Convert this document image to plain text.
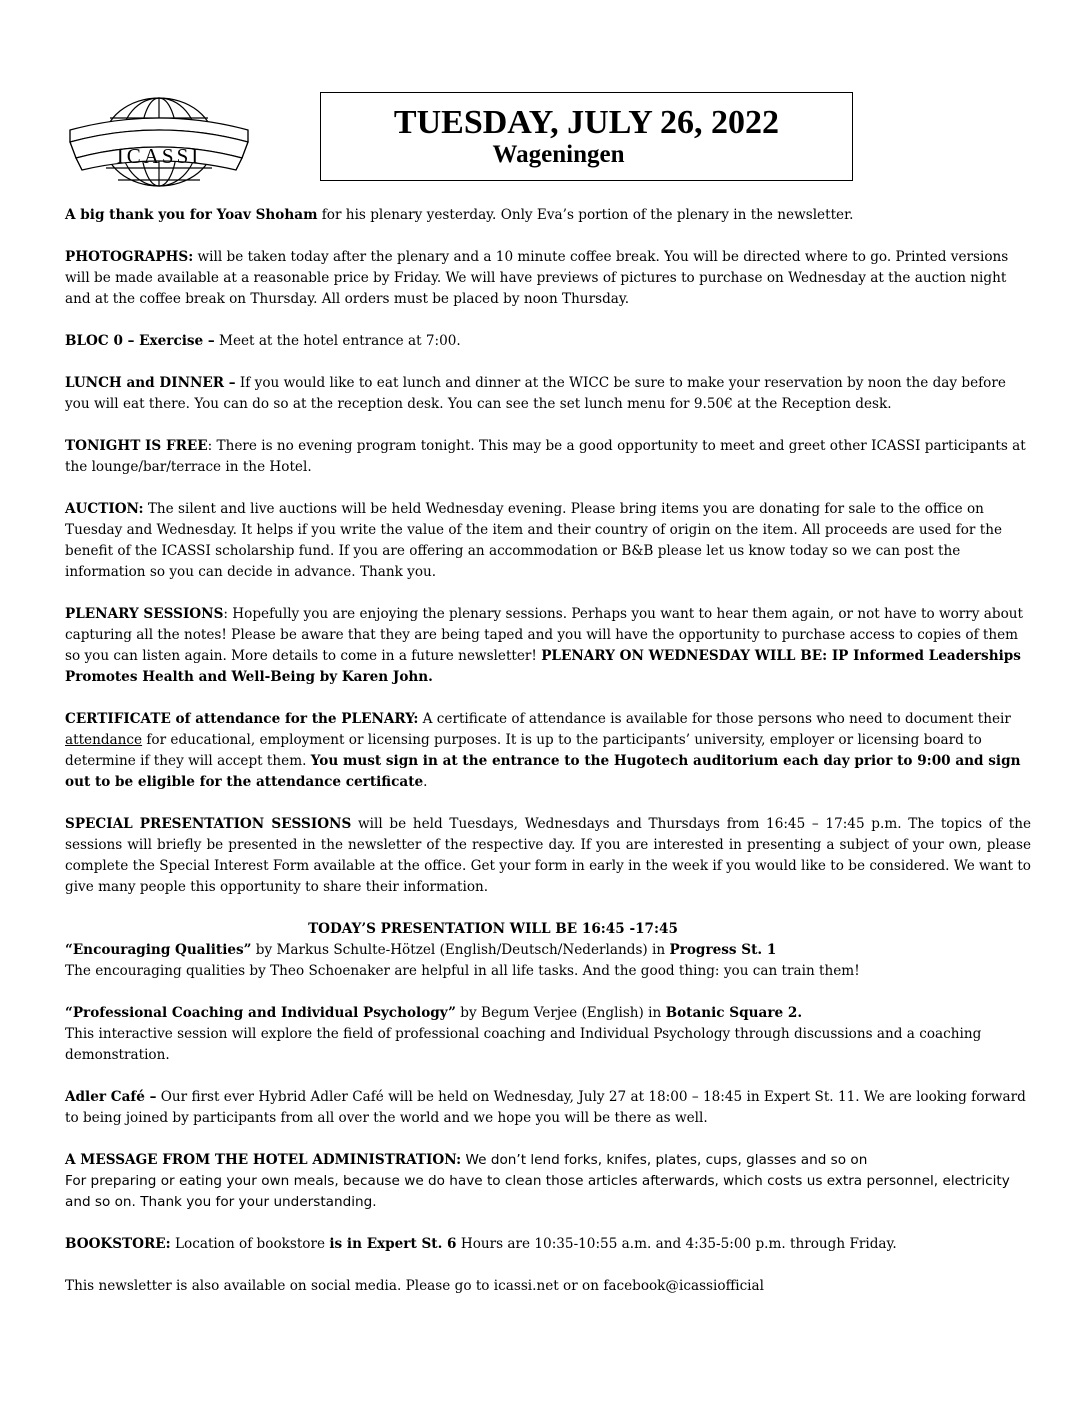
ICASSI
TUESDAY, JULY 26, 2022
Wageningen

A big thank you for Yoav Shoham for his plenary yesterday. Only Eva’s portion of the plenary in the newsletter.

PHOTOGRAPHS: will be taken today after the plenary and a 10 minute coffee break. You will be directed where to go. Printed versions will be made available at a reasonable price by Friday. We will have previews of pictures to purchase on Wednesday at the auction night and at the coffee break on Thursday. All orders must be placed by noon Thursday.

BLOC 0 – Exercise – Meet at the hotel entrance at 7:00.

LUNCH and DINNER – If you would like to eat lunch and dinner at the WICC be sure to make your reservation by noon the day before you will eat there. You can do so at the reception desk. You can see the set lunch menu for 9.50€ at the Reception desk.

TONIGHT IS FREE: There is no evening program tonight. This may be a good opportunity to meet and greet other ICASSI participants at the lounge/bar/terrace in the Hotel.

AUCTION: The silent and live auctions will be held Wednesday evening. Please bring items you are donating for sale to the office on Tuesday and Wednesday. It helps if you write the value of the item and their country of origin on the item. All proceeds are used for the benefit of the ICASSI scholarship fund. If you are offering an accommodation or B&B please let us know today so we can post the information so you can decide in advance. Thank you.

PLENARY SESSIONS: Hopefully you are enjoying the plenary sessions. Perhaps you want to hear them again, or not have to worry about capturing all the notes! Please be aware that they are being taped and you will have the opportunity to purchase access to copies of them so you can listen again. More details to come in a future newsletter! PLENARY ON WEDNESDAY WILL BE: IP Informed Leaderships Promotes Health and Well-Being by Karen John.

CERTIFICATE of attendance for the PLENARY: A certificate of attendance is available for those persons who need to document their attendance for educational, employment or licensing purposes. It is up to the participants’ university, employer or licensing board to determine if they will accept them. You must sign in at the entrance to the Hugotech auditorium each day prior to 9:00 and sign out to be eligible for the attendance certificate.

SPECIAL PRESENTATION SESSIONS will be held Tuesdays, Wednesdays and Thursdays from 16:45 – 17:45 p.m. The topics of the sessions will briefly be presented in the newsletter of the respective day. If you are interested in presenting a subject of your own, please complete the Special Interest Form available at the office. Get your form in early in the week if you would like to be considered. We want to give many people this opportunity to share their information.

TODAY’S PRESENTATION WILL BE 16:45 -17:45

“Encouraging Qualities” by Markus Schulte-Hötzel (English/Deutsch/Nederlands) in Progress St. 1

The encouraging qualities by Theo Schoenaker are helpful in all life tasks. And the good thing: you can train them!

“Professional Coaching and Individual Psychology” by Begum Verjee (English) in Botanic Square 2.

This interactive session will explore the field of professional coaching and Individual Psychology through discussions and a coaching demonstration.

Adler Café – Our first ever Hybrid Adler Café will be held on Wednesday, July 27 at 18:00 – 18:45 in Expert St. 11. We are looking forward to being joined by participants from all over the world and we hope you will be there as well.

A MESSAGE FROM THE HOTEL ADMINISTRATION: We don’t lend forks, knifes, plates, cups, glasses and so on
For preparing or eating your own meals, because we do have to clean those articles afterwards, which costs us extra personnel, electricity and so on. Thank you for your understanding.

BOOKSTORE: Location of bookstore is in Expert St. 6 Hours are 10:35-10:55 a.m. and 4:35-5:00 p.m. through Friday.

This newsletter is also available on social media. Please go to icassi.net or on facebook@icassiofficial
